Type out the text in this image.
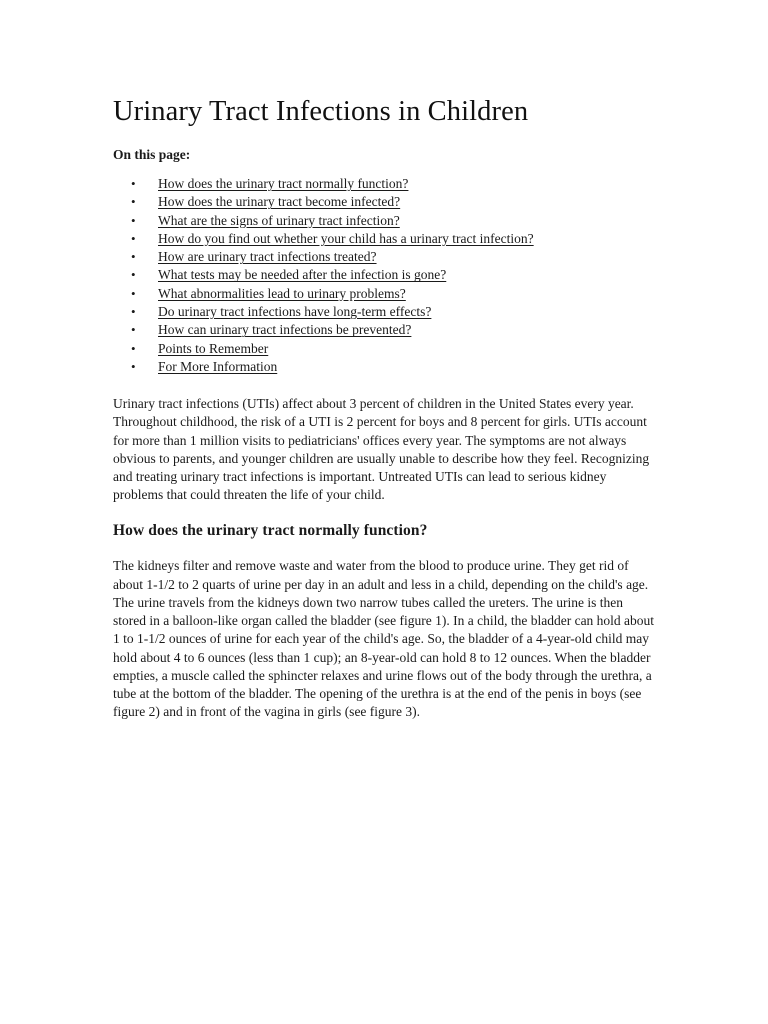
Urinary Tract Infections in Children
On this page:
• How does the urinary tract normally function?
• How does the urinary tract become infected?
• What are the signs of urinary tract infection?
• How do you find out whether your child has a urinary tract infection?
• How are urinary tract infections treated?
• What tests may be needed after the infection is gone?
• What abnormalities lead to urinary problems?
• Do urinary tract infections have long-term effects?
• How can urinary tract infections be prevented?
• Points to Remember
• For More Information

Urinary tract infections (UTIs) affect about 3 percent of children in the United States every year. Throughout childhood, the risk of a UTI is 2 percent for boys and 8 percent for girls. UTIs account for more than 1 million visits to pediatricians' offices every year. The symptoms are not always obvious to parents, and younger children are usually unable to describe how they feel. Recognizing and treating urinary tract infections is important. Untreated UTIs can lead to serious kidney problems that could threaten the life of your child.

How does the urinary tract normally function?

The kidneys filter and remove waste and water from the blood to produce urine. They get rid of about 1-1/2 to 2 quarts of urine per day in an adult and less in a child, depending on the child's age. The urine travels from the kidneys down two narrow tubes called the ureters. The urine is then stored in a balloon-like organ called the bladder (see figure 1). In a child, the bladder can hold about 1 to 1-1/2 ounces of urine for each year of the child's age. So, the bladder of a 4-year-old child may hold about 4 to 6 ounces (less than 1 cup); an 8-year-old can hold 8 to 12 ounces. When the bladder empties, a muscle called the sphincter relaxes and urine flows out of the body through the urethra, a tube at the bottom of the bladder. The opening of the urethra is at the end of the penis in boys (see figure 2) and in front of the vagina in girls (see figure 3).
